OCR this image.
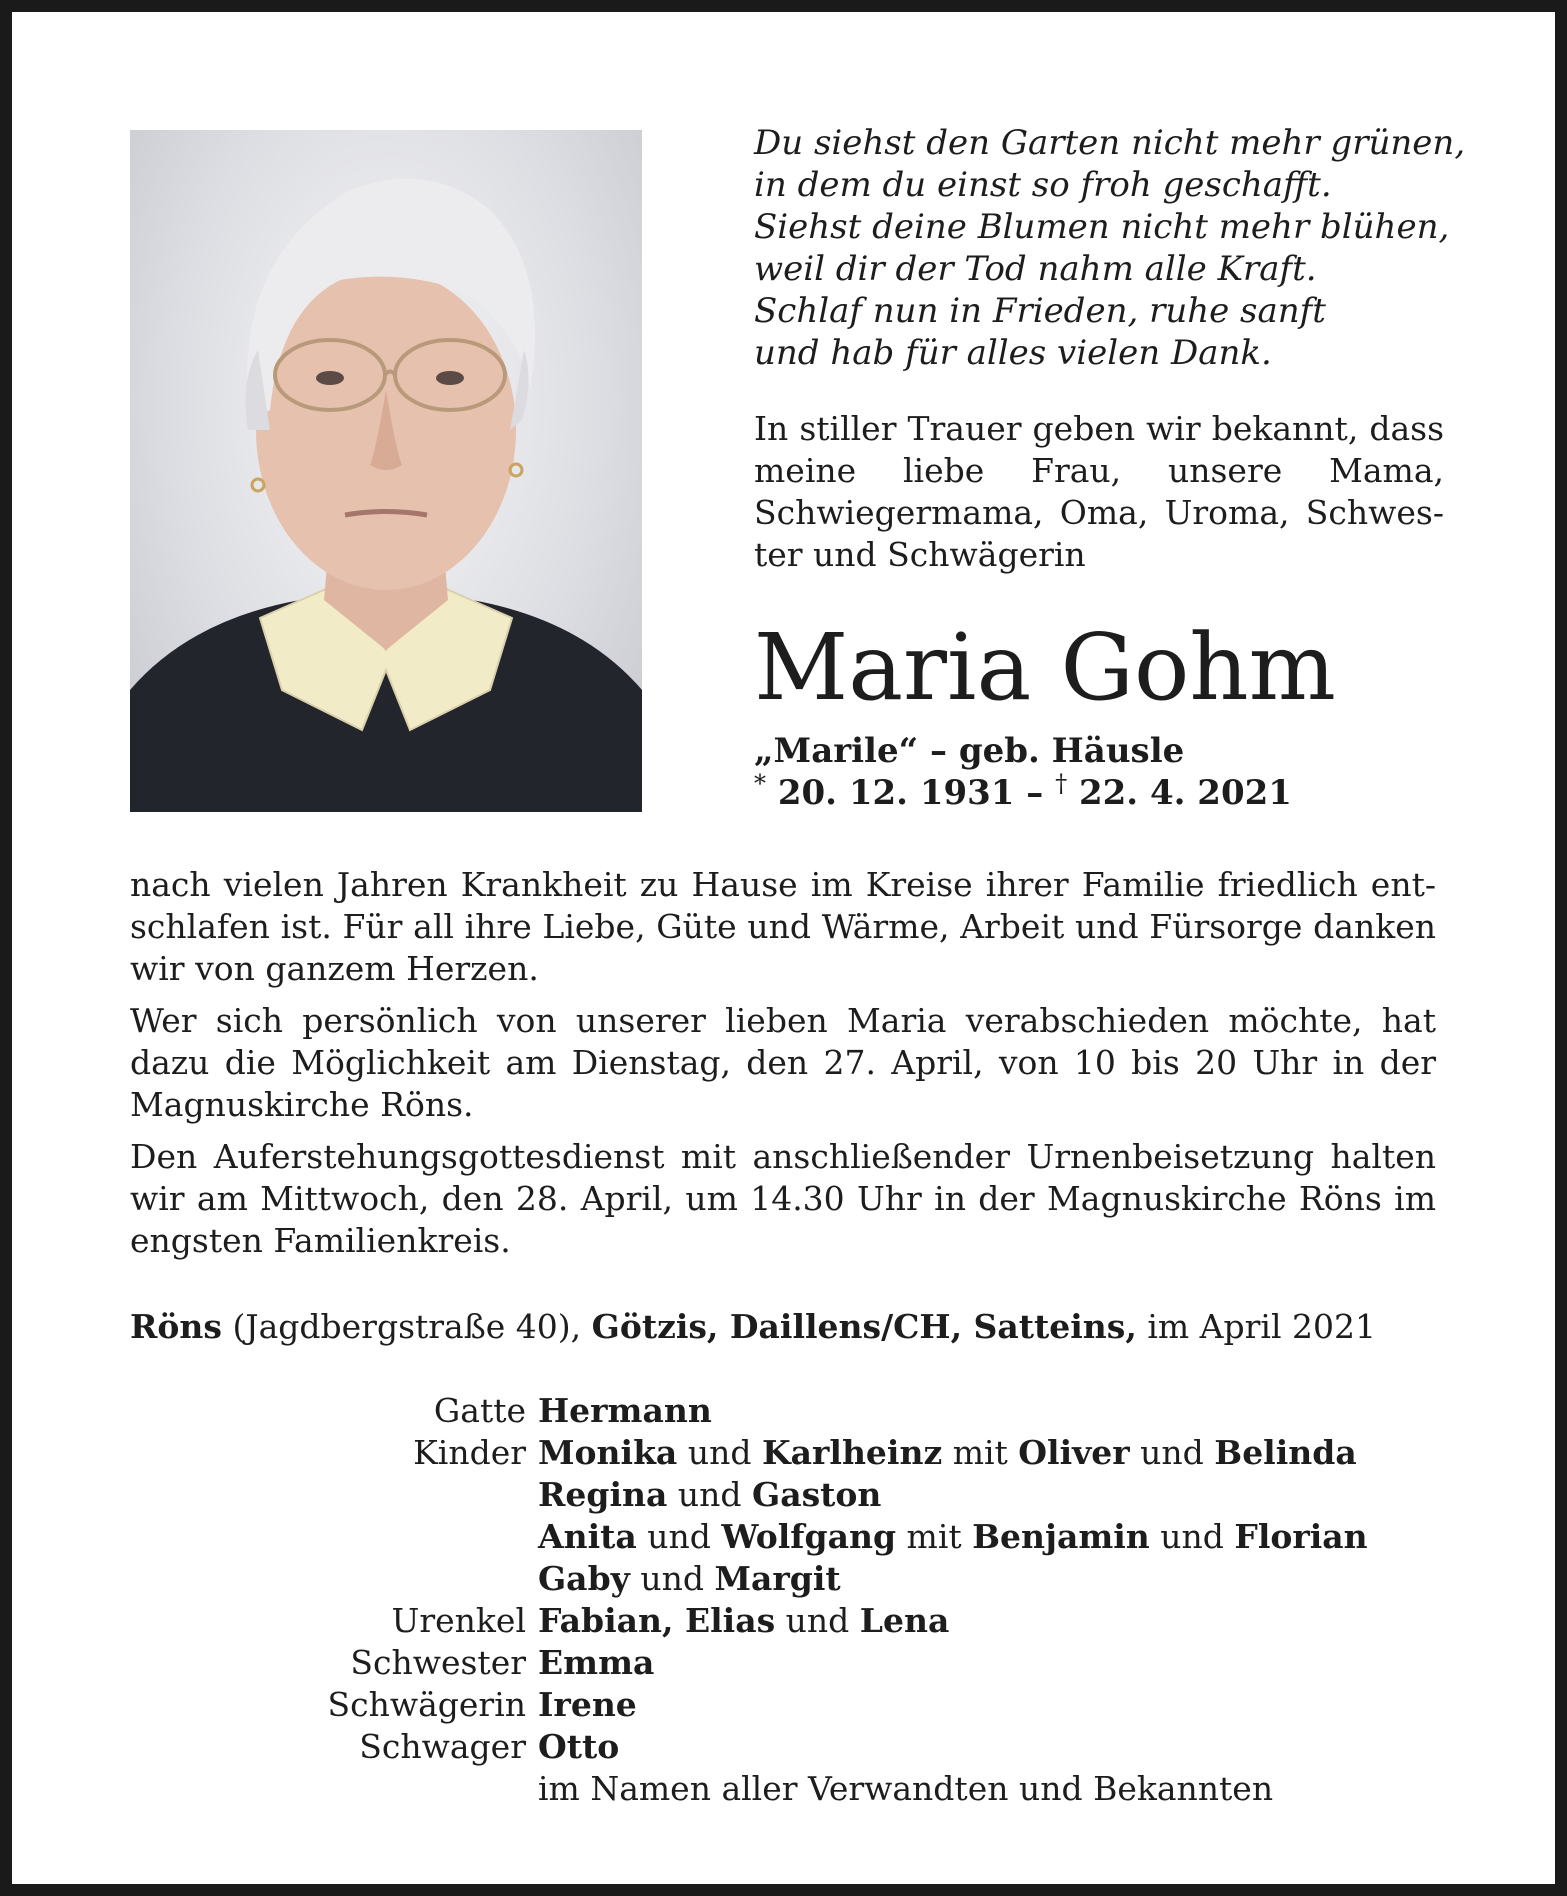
Du siehst den Garten nicht mehr grünen,
in dem du einst so froh geschafft.
Siehst deine Blumen nicht mehr blühen,
weil dir der Tod nahm alle Kraft.
Schlaf nun in Frieden, ruhe sanft
und hab für alles vielen Dank.
In stiller Trauer geben wir bekannt, dass meine liebe Frau, unsere Mama, Schwiegermama, Oma, Uroma, Schwester und Schwägerin
Maria Gohm
„Marile“ – geb. Häusle
* 20. 12. 1931 – † 22. 4. 2021
nach vielen Jahren Krankheit zu Hause im Kreise ihrer Familie friedlich entschlafen ist. Für all ihre Liebe, Güte und Wärme, Arbeit und Fürsorge danken wir von ganzem Herzen.
Wer sich persönlich von unserer lieben Maria verabschieden möchte, hat dazu die Möglichkeit am Dienstag, den 27. April, von 10 bis 20 Uhr in der Magnuskirche Röns.
Den Auferstehungsgottesdienst mit anschließender Urnenbeisetzung halten wir am Mittwoch, den 28. April, um 14.30 Uhr in der Magnuskirche Röns im engsten Familienkreis.
Röns (Jagdbergstraße 40), Götzis, Daillens/CH, Satteins, im April 2021
Gatte Hermann
Kinder Monika und Karlheinz mit Oliver und Belinda
Regina und Gaston
Anita und Wolfgang mit Benjamin und Florian
Gaby und Margit
Urenkel Fabian, Elias und Lena
Schwester Emma
Schwägerin Irene
Schwager Otto
im Namen aller Verwandten und Bekannten
